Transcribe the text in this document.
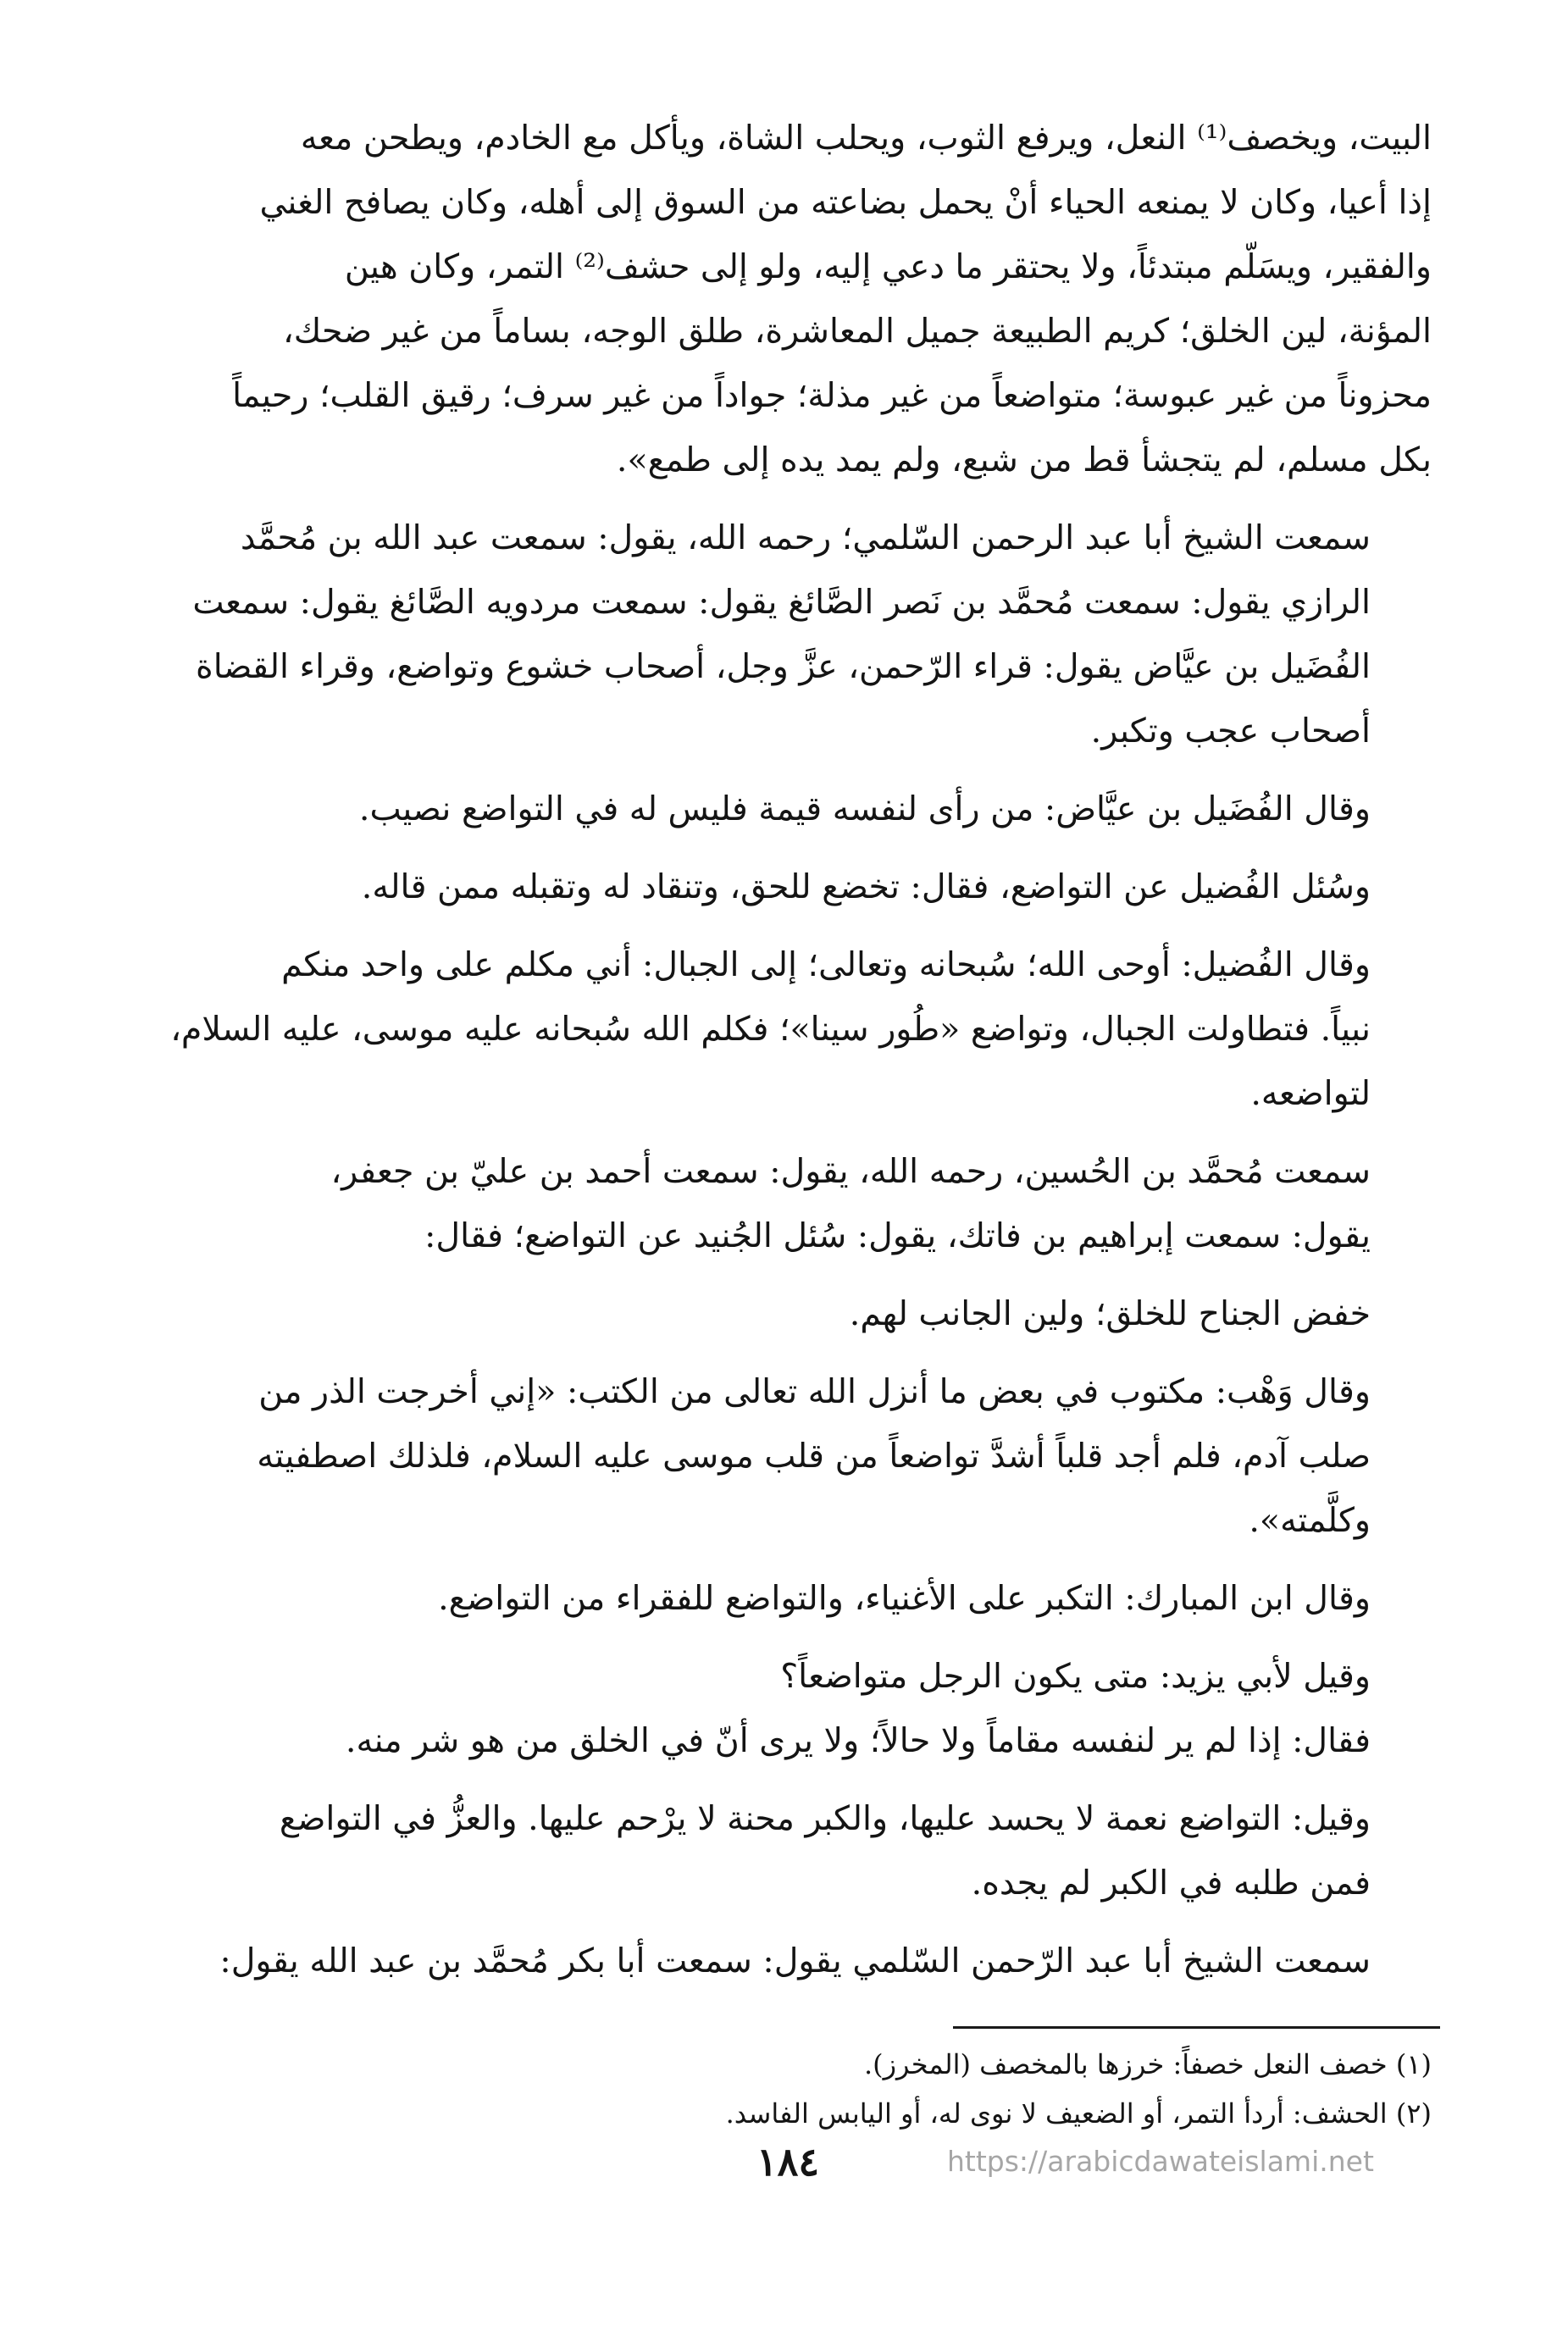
البيت، ويخصف⁽¹⁾ النعل، ويرفع الثوب، ويحلب الشاة، ويأكل مع الخادم، ويطحن معه
إذا أعيا، وكان لا يمنعه الحياء أنْ يحمل بضاعته من السوق إلى أهله، وكان يصافح الغني
والفقير، ويسَلّم مبتدئاً، ولا يحتقر ما دعي إليه، ولو إلى حشف⁽²⁾ التمر، وكان هين
المؤنة، لين الخلق؛ كريم الطبيعة جميل المعاشرة، طلق الوجه، بساماً من غير ضحك،
محزوناً من غير عبوسة؛ متواضعاً من غير مذلة؛ جواداً من غير سرف؛ رقيق القلب؛ رحيماً
بكل مسلم، لم يتجشأ قط من شبع، ولم يمد يده إلى طمع».

سمعت الشيخ أبا عبد الرحمن السّلمي؛ رحمه الله، يقول: سمعت عبد الله بن مُحمَّد
الرازي يقول: سمعت مُحمَّد بن نَصر الصَّائغ يقول: سمعت مردويه الصَّائغ يقول: سمعت
الفُضَيل بن عيَّاض يقول: قراء الرّحمن، عزَّ وجل، أصحاب خشوع وتواضع، وقراء القضاة
أصحاب عجب وتكبر.

وقال الفُضَيل بن عيَّاض: من رأى لنفسه قيمة فليس له في التواضع نصيب.

وسُئل الفُضيل عن التواضع، فقال: تخضع للحق، وتنقاد له وتقبله ممن قاله.

وقال الفُضيل: أوحى الله؛ سُبحانه وتعالى؛ إلى الجبال: أني مكلم على واحد منكم
نبياً. فتطاولت الجبال، وتواضع «طُور سينا»؛ فكلم الله سُبحانه عليه موسى، عليه السلام،
لتواضعه.

سمعت مُحمَّد بن الحُسين، رحمه الله، يقول: سمعت أحمد بن عليّ بن جعفر،
يقول: سمعت إبراهيم بن فاتك، يقول: سُئل الجُنيد عن التواضع؛ فقال:

خفض الجناح للخلق؛ ولين الجانب لهم.

وقال وَهْب: مكتوب في بعض ما أنزل الله تعالى من الكتب: «إني أخرجت الذر من
صلب آدم، فلم أجد قلباً أشدَّ تواضعاً من قلب موسى عليه السلام، فلذلك اصطفيته
وكلَّمته».

وقال ابن المبارك: التكبر على الأغنياء، والتواضع للفقراء من التواضع.

وقيل لأبي يزيد: متى يكون الرجل متواضعاً؟
فقال: إذا لم ير لنفسه مقاماً ولا حالاً؛ ولا يرى أنّ في الخلق من هو شر منه.

وقيل: التواضع نعمة لا يحسد عليها، والكبر محنة لا يرْحم عليها. والعزُّ في التواضع
فمن طلبه في الكبر لم يجده.

سمعت الشيخ أبا عبد الرّحمن السّلمي يقول: سمعت أبا بكر مُحمَّد بن عبد الله يقول:

(١) خصف النعل خصفاً: خرزها بالمخصف (المخرز).
(٢) الحشف: أردأ التمر، أو الضعيف لا نوى له، أو اليابس الفاسد.
١٨٤	https://arabicdawateislami.net
